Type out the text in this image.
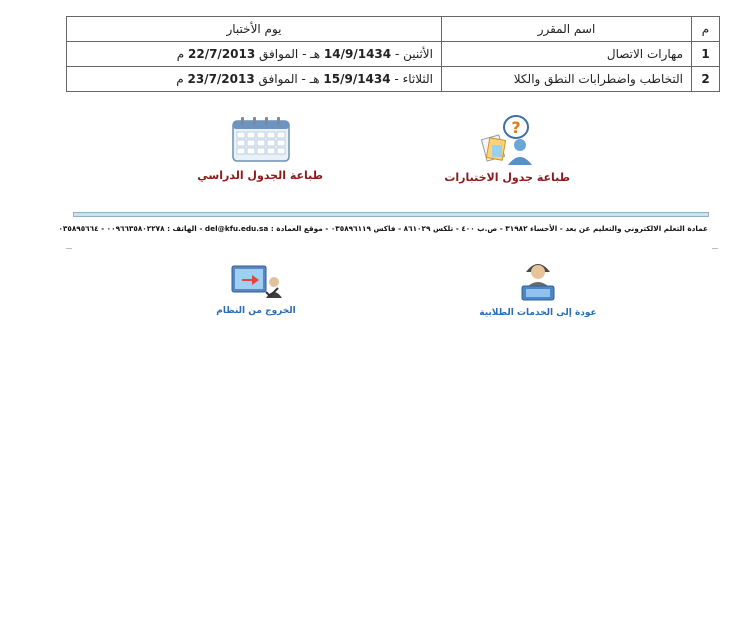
م	اسم المقرر	يوم الأختبار
1	مهارات الاتصال	الأثنين - 14/9/1434 هـ - الموافق 22/7/2013 م
2	التخاطب واضطرابات النطق والكلا	الثلاثاء - 15/9/1434 هـ - الموافق 23/7/2013 م
?
طباعة جدول الاختبارات
طباعة الجدول الدراسي
عمادة التعلم الالكتروني والتعليم عن بعد - الأحساء ٣١٩٨٢ - ص.ب ٤٠٠ - تلكس ٨٦١٠٢٩ - فاكس ٠٣٥٨٩٦١١٩ - موقع العمادة : del@kfu.edu.sa - الهاتف : ٠٠٩٦٦٣٥٨٠٢٢٧٨ - ٠٣٥٨٩٥٦٦٤
عودة إلى الخدمات الطلابية
الخروج من النظام
